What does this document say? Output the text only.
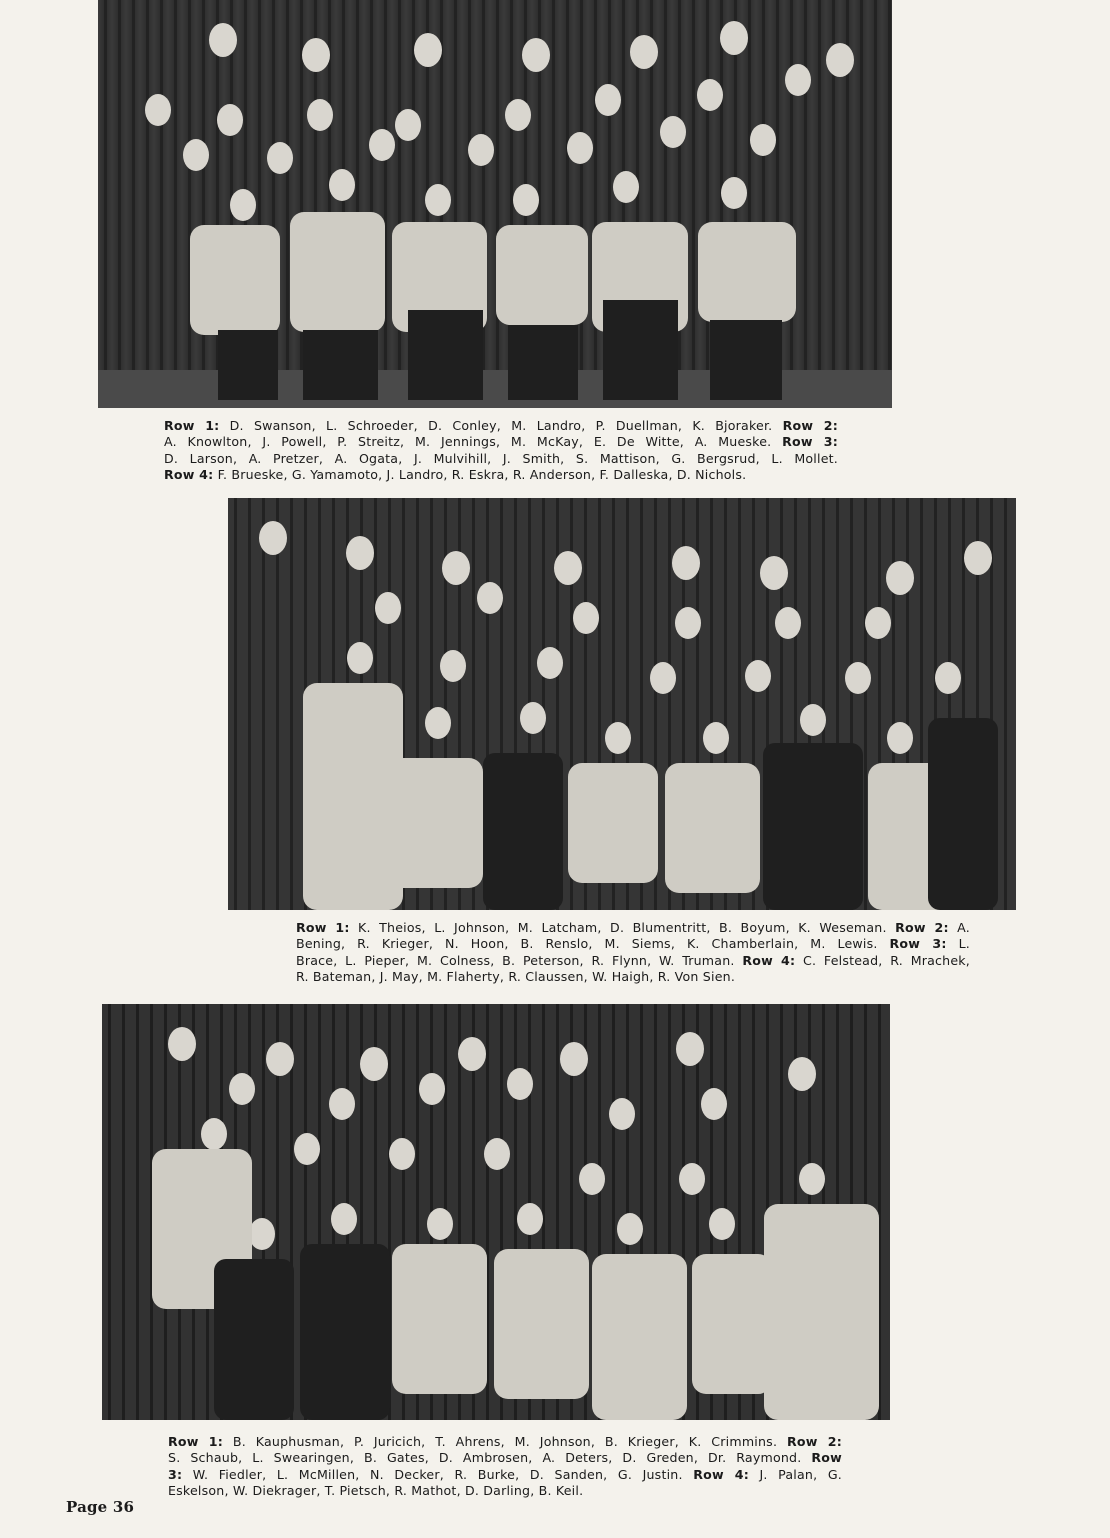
Row 1: D. Swanson, L. Schroeder, D. Conley, M. Landro, P. Duellman, K. Bjoraker. Row 2:
A. Knowlton, J. Powell, P. Streitz, M. Jennings, M. McKay, E. De Witte, A. Mueske. Row 3:
D. Larson, A. Pretzer, A. Ogata, J. Mulvihill, J. Smith, S. Mattison, G. Bergsrud, L. Mollet.
Row 4: F. Brueske, G. Yamamoto, J. Landro, R. Eskra, R. Anderson, F. Dalleska, D. Nichols.
Row 1: K. Theios, L. Johnson, M. Latcham, D. Blumentritt, B. Boyum, K. Weseman. Row 2: A.
Bening, R. Krieger, N. Hoon, B. Renslo, M. Siems, K. Chamberlain, M. Lewis. Row 3: L.
Brace, L. Pieper, M. Colness, B. Peterson, R. Flynn, W. Truman. Row 4: C. Felstead, R. Mrachek,
R. Bateman, J. May, M. Flaherty, R. Claussen, W. Haigh, R. Von Sien.
Row 1: B. Kauphusman, P. Juricich, T. Ahrens, M. Johnson, B. Krieger, K. Crimmins. Row 2:
S. Schaub, L. Swearingen, B. Gates, D. Ambrosen, A. Deters, D. Greden, Dr. Raymond. Row
3: W. Fiedler, L. McMillen, N. Decker, R. Burke, D. Sanden, G. Justin. Row 4: J. Palan, G.
Eskelson, W. Diekrager, T. Pietsch, R. Mathot, D. Darling, B. Keil.
Page 36
